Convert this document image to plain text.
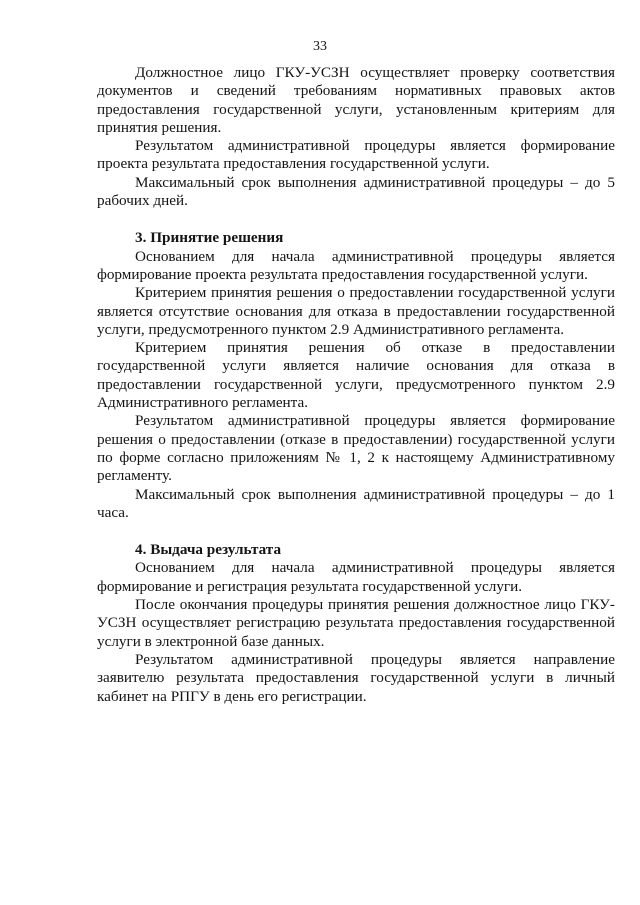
33

Должностное лицо ГКУ-УСЗН осуществляет проверку соответствия документов и сведений требованиям нормативных правовых актов предоставления государственной услуги, установленным критериям для принятия решения.

Результатом административной процедуры является формирование проекта результата предоставления государственной услуги.

Максимальный срок выполнения административной процедуры – до 5 рабочих дней.

3. Принятие решения

Основанием для начала административной процедуры является формирование проекта результата предоставления государственной услуги.

Критерием принятия решения о предоставлении государственной услуги является отсутствие основания для отказа в предоставлении государственной услуги, предусмотренного пунктом 2.9 Административного регламента.

Критерием принятия решения об отказе в предоставлении государственной услуги является наличие основания для отказа в предоставлении государственной услуги, предусмотренного пунктом 2.9 Административного регламента.

Результатом административной процедуры является формирование решения о предоставлении (отказе в предоставлении) государственной услуги по форме согласно приложениям № 1, 2 к настоящему Административному регламенту.

Максимальный срок выполнения административной процедуры – до 1 часа.

4. Выдача результата

Основанием для начала административной процедуры является формирование и регистрация результата государственной услуги.

После окончания процедуры принятия решения должностное лицо ГКУ-УСЗН осуществляет регистрацию результата предоставления государственной услуги в электронной базе данных.

Результатом административной процедуры является направление заявителю результата предоставления государственной услуги в личный кабинет на РПГУ в день его регистрации.
